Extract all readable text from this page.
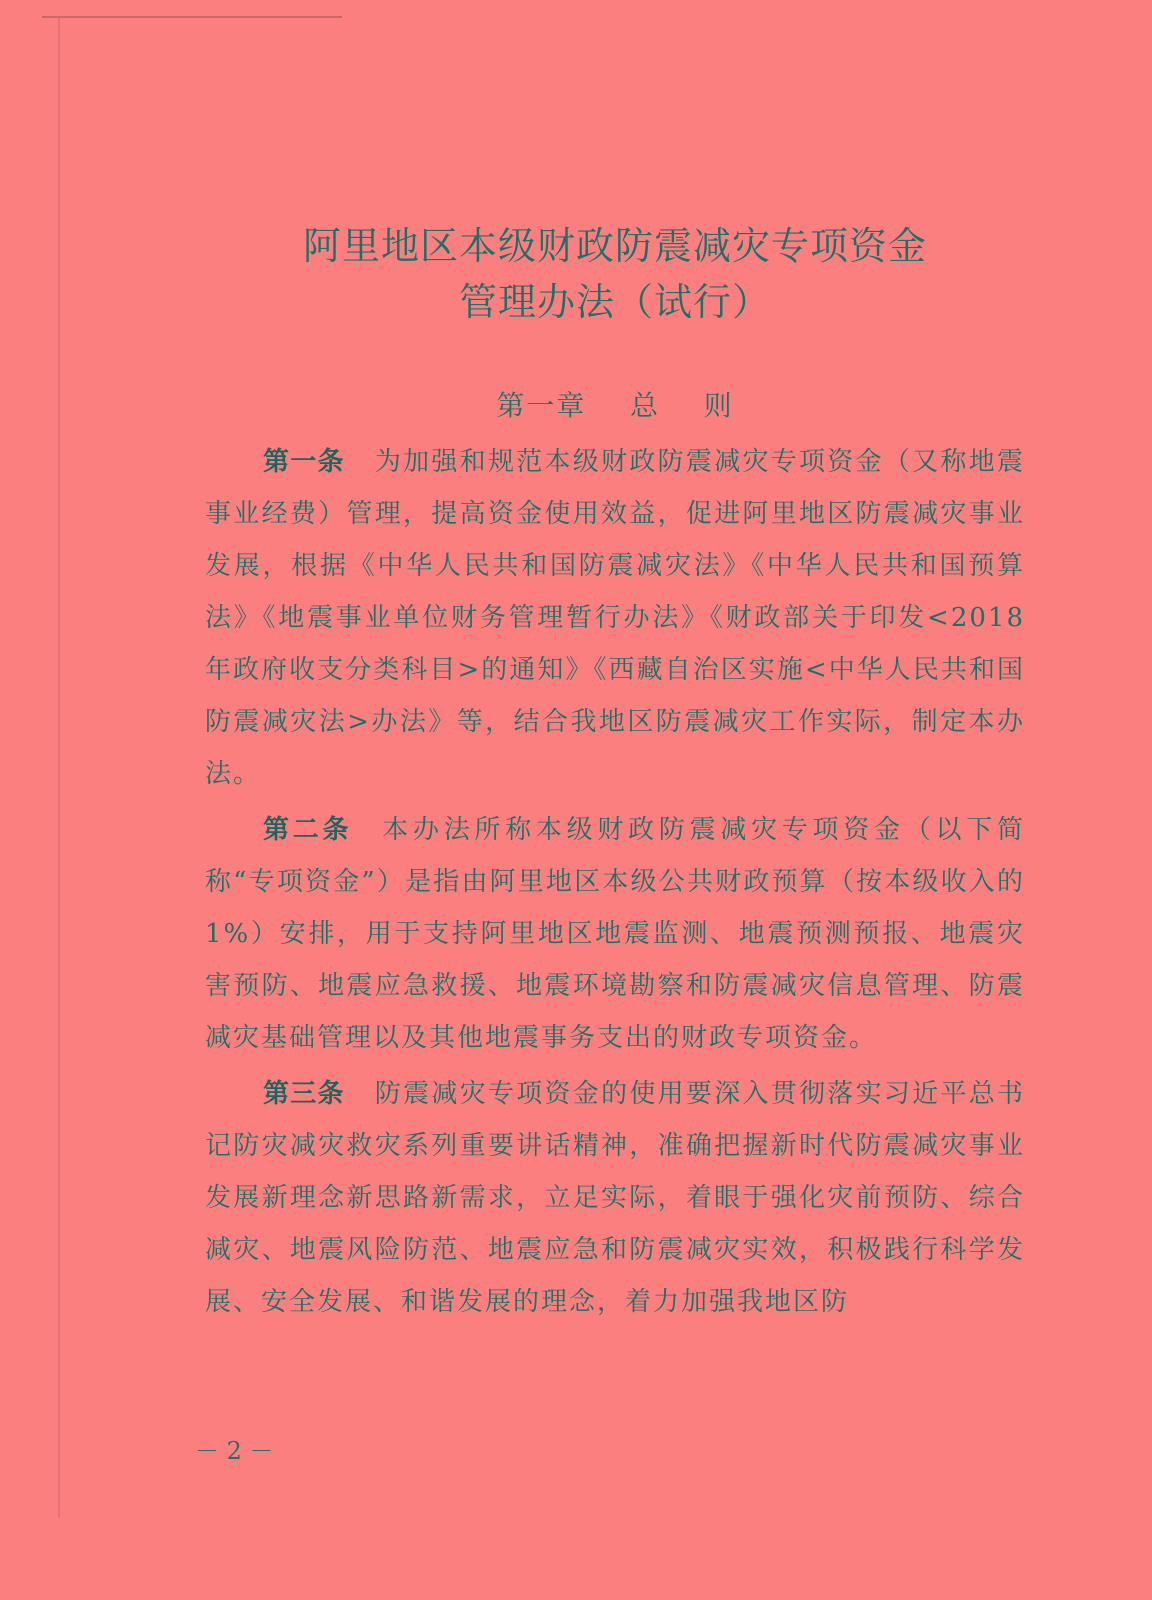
阿里地区本级财政防震减灾专项资金
管理办法（试行）
第一章    总    则

第一条 为加强和规范本级财政防震减灾专项资金（又称地震事业经费）管理，提高资金使用效益，促进阿里地区防震减灾事业发展，根据《中华人民共和国防震减灾法》《中华人民共和国预算法》《地震事业单位财务管理暂行办法》《财政部关于印发<2018年政府收支分类科目>的通知》《西藏自治区实施<中华人民共和国防震减灾法>办法》等，结合我地区防震减灾工作实际，制定本办法。

第二条 本办法所称本级财政防震减灾专项资金（以下简称“专项资金”）是指由阿里地区本级公共财政预算（按本级收入的 1%）安排，用于支持阿里地区地震监测、地震预测预报、地震灾害预防、地震应急救援、地震环境勘察和防震减灾信息管理、防震减灾基础管理以及其他地震事务支出的财政专项资金。

第三条 防震减灾专项资金的使用要深入贯彻落实习近平总书记防灾减灾救灾系列重要讲话精神，准确把握新时代防震减灾事业发展新理念新思路新需求，立足实际，着眼于强化灾前预防、综合减灾、地震风险防范、地震应急和防震减灾实效，积极践行科学发展、安全发展、和谐发展的理念，着力加强我地区防

－ 2 －
